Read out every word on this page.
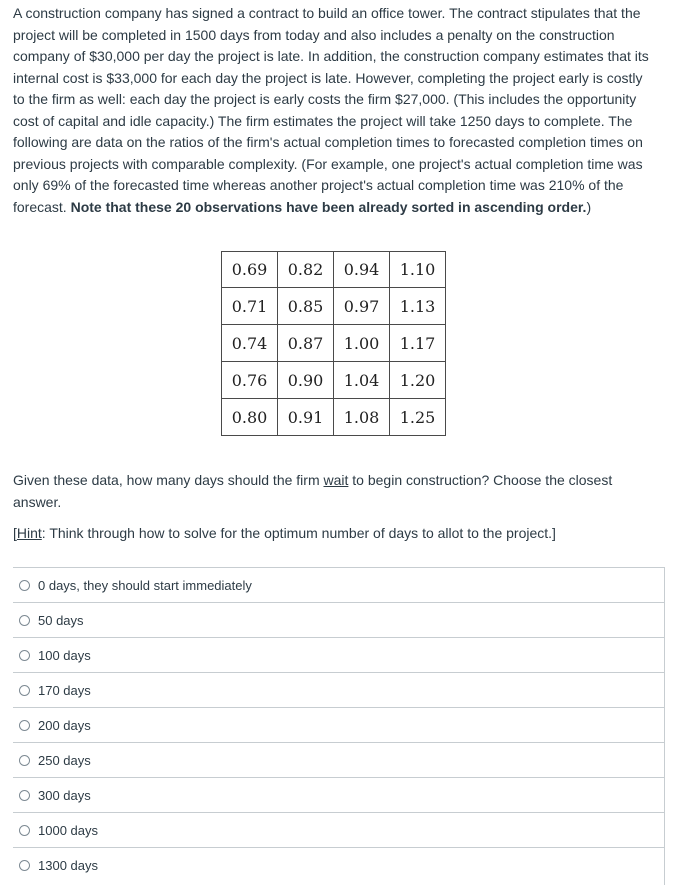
A construction company has signed a contract to build an office tower. The contract stipulates that the project will be completed in 1500 days from today and also includes a penalty on the construction company of $30,000 per day the project is late. In addition, the construction company estimates that its internal cost is $33,000 for each day the project is late. However, completing the project early is costly to the firm as well: each day the project is early costs the firm $27,000. (This includes the opportunity cost of capital and idle capacity.) The firm estimates the project will take 1250 days to complete. The following are data on the ratios of the firm's actual completion times to forecasted completion times on previous projects with comparable complexity. (For example, one project's actual completion time was only 69% of the forecasted time whereas another project's actual completion time was 210% of the forecast. Note that these 20 observations have been already sorted in ascending order.)

0.69	0.82	0.94	1.10
0.71	0.85	0.97	1.13
0.74	0.87	1.00	1.17
0.76	0.90	1.04	1.20
0.80	0.91	1.08	1.25
Given these data, how many days should the firm wait to begin construction? Choose the closest answer.
[Hint: Think through how to solve for the optimum number of days to allot to the project.]
0 days, they should start immediately
50 days
100 days
170 days
200 days
250 days
300 days
1000 days
1300 days
